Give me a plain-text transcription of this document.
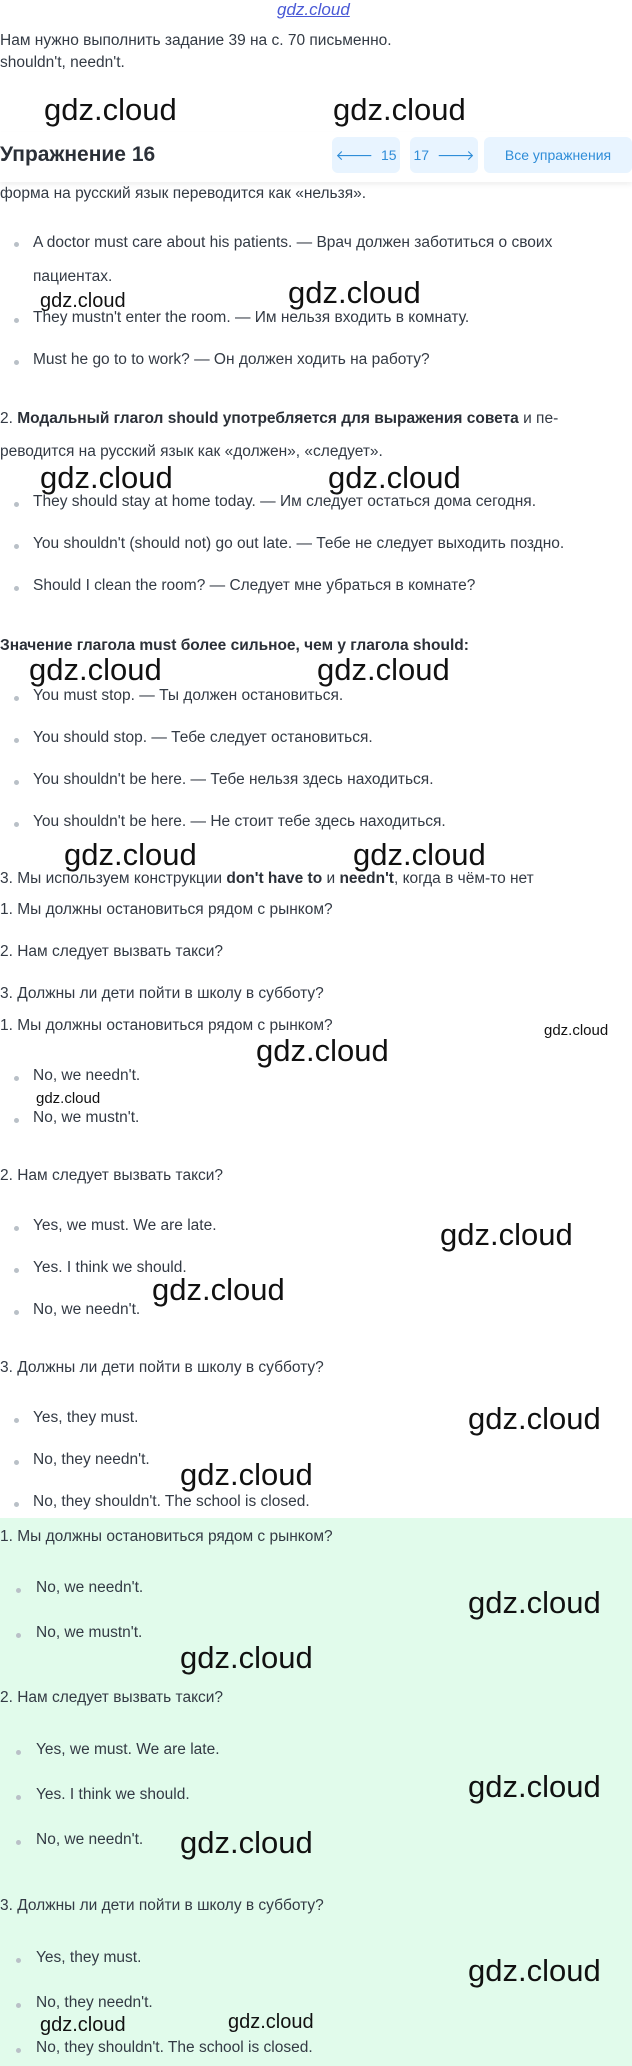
gdz.cloud
Нам нужно выполнить задание 39 на с. 70 письменно.
shouldn't, needn't.
Упражнение 16	🡐 15 17 🡒	Все упражнения
форма на русский язык переводится как «нельзя».
A doctor must care about his patients. — Врач должен заботиться о своих
пациентах.
They mustn't enter the room. — Им нельзя входить в комнату.
Must he go to to work? — Он должен ходить на работу?
2. Модальный глагол should употребляется для выражения совета и пе-
реводится на русский язык как «должен», «следует».
They should stay at home today. — Им следует остаться дома сегодня.
You shouldn't (should not) go out late. — Тебе не следует выходить поздно.
Should I clean the room? — Следует мне убраться в комнате?
Значение глагола must более сильное, чем у глагола should:
You must stop. — Ты должен остановиться.
You should stop. — Тебе следует остановиться.
You shouldn't be here. — Тебе нельзя здесь находиться.
You shouldn't be here. — Не стоит тебе здесь находиться.
3. Мы используем конструкции don't have to и needn't, когда в чём-то нет
1. Мы должны остановиться рядом с рынком?
2. Нам следует вызвать такси?
3. Должны ли дети пойти в школу в субботу?
1. Мы должны остановиться рядом с рынком?
No, we needn't.
No, we mustn't.
2. Нам следует вызвать такси?
Yes, we must. We are late.
Yes. I think we should.
No, we needn't.
3. Должны ли дети пойти в школу в субботу?
Yes, they must.
No, they needn't.
No, they shouldn't. The school is closed.
1. Мы должны остановиться рядом с рынком?
No, we needn't.
No, we mustn't.
2. Нам следует вызвать такси?
Yes, we must. We are late.
Yes. I think we should.
No, we needn't.
3. Должны ли дети пойти в школу в субботу?
Yes, they must.
No, they needn't.
No, they shouldn't. The school is closed.
gdz.cloud	gdz.cloud
gdz.cloud	gdz.cloud
gdz.cloud	gdz.cloud
gdz.cloud	gdz.cloud
gdz.cloud	gdz.cloud
gdz.cloud
gdz.cloud
gdz.cloud
gdz.cloud
gdz.cloud
gdz.cloud
gdz.cloud
gdz.cloud
gdz.cloud
gdz.cloud
gdz.cloud
gdz.cloud
gdz.cloud	gdz.cloud
